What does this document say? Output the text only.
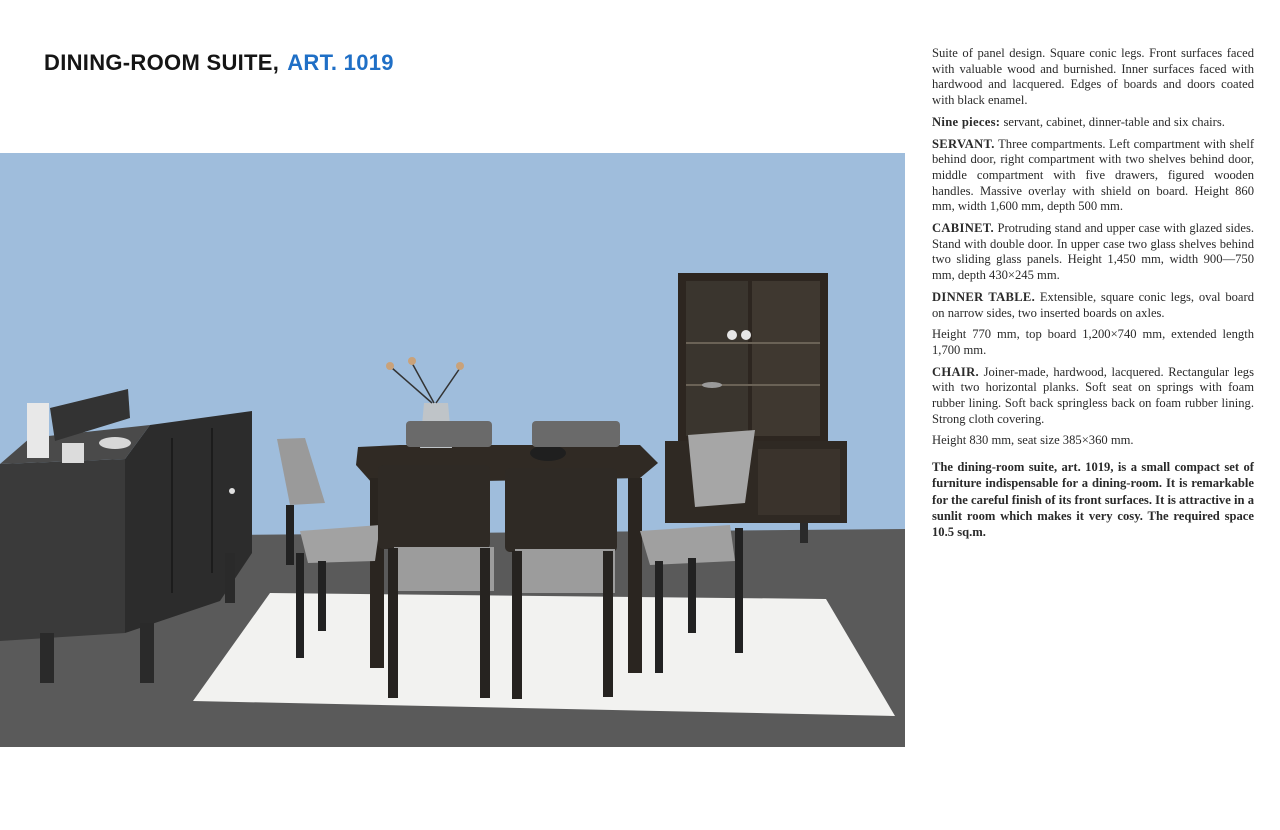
DINING-ROOM SUITE, ART. 1019	Suite of panel design. Square conic legs. Front surfaces faced with valuable wood and burnished. Inner surfaces faced with hardwood and lacquered. Edges of boards and doors coated with black enamel.

Nine pieces: servant, cabinet, dinner-table and six chairs.

SERVANT. Three compartments. Left compartment with shelf behind door, right compartment with two shelves behind door, middle compartment with five drawers, figured wooden handles. Massive overlay with shield on board. Height 860 mm, width 1,600 mm, depth 500 mm.

CABINET. Protruding stand and upper case with glazed sides. Stand with double door. In upper case two glass shelves behind two sliding glass panels. Height 1,450 mm, width 900—750 mm, depth 430×245 mm.

DINNER TABLE. Extensible, square conic legs, oval board on narrow sides, two inserted boards on axles.

Height 770 mm, top board 1,200×740 mm, extended length 1,700 mm.

CHAIR. Joiner-made, hardwood, lacquered. Rectangular legs with two horizontal planks. Soft seat on springs with foam rubber lining. Soft back springless back on foam rubber lining. Strong cloth covering.

Height 830 mm, seat size 385×360 mm.

The dining-room suite, art. 1019, is a small compact set of furniture indispensable for a dining-room. It is remarkable for the careful finish of its front surfaces. It is attractive in a sunlit room which makes it very cosy. The required space 10.5 sq.m.
